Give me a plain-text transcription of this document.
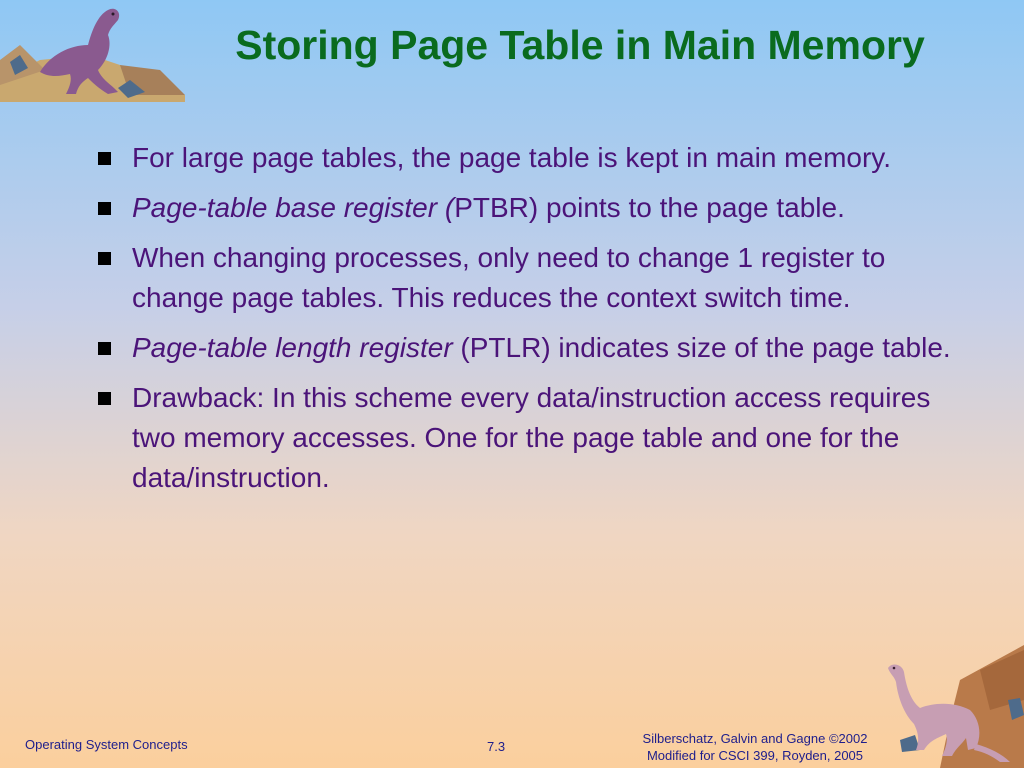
Storing Page Table in Main Memory
For large page tables, the page table is kept in main memory.
Page-table base register (PTBR) points to the page table.
When changing processes, only need to change 1 register to change page tables. This reduces the context switch time.
Page-table length register (PTLR) indicates size of the page table.
Drawback: In this scheme every data/instruction access requires two memory accesses. One for the page table and one for the data/instruction.
Operating System Concepts	7.3
Silberschatz, Galvin and Gagne ©2002
Modified for CSCI 399, Royden, 2005
